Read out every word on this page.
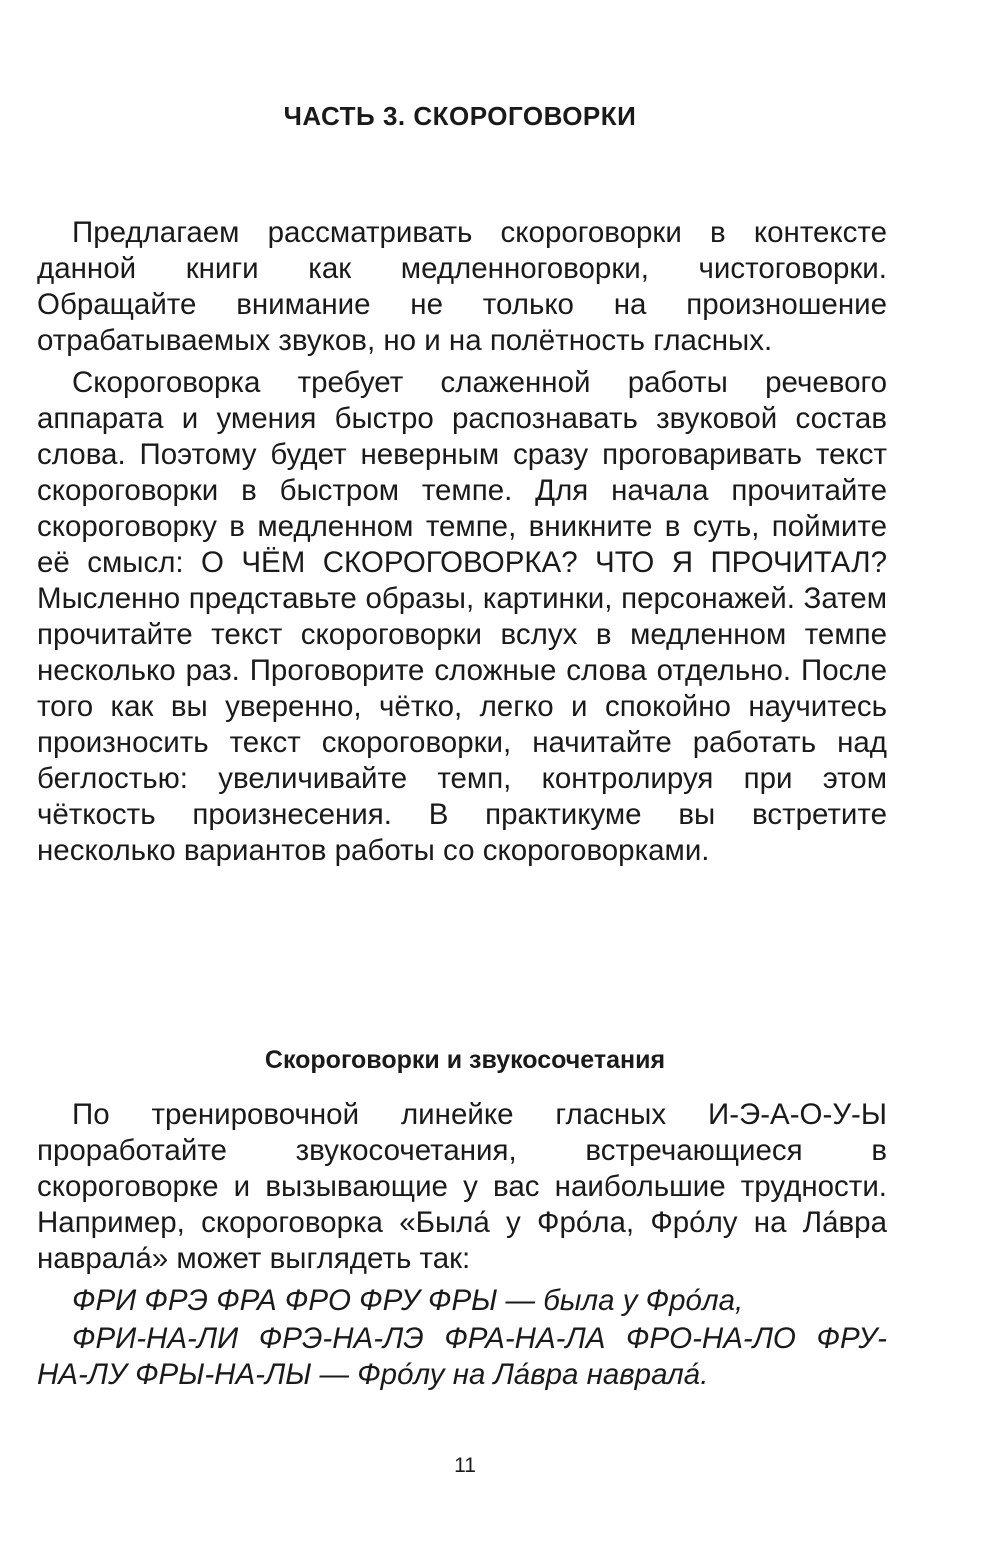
ЧАСТЬ 3. СКОРОГОВОРКИ

Предлагаем рассматривать скороговорки в контексте данной книги как медленноговорки, чистоговорки. Обращайте внимание не только на произношение отрабатываемых звуков, но и на полётность гласных.

Скороговорка требует слаженной работы речевого аппарата и умения быстро распознавать звуковой состав слова. Поэтому будет неверным сразу проговаривать текст скороговорки в быстром темпе. Для начала прочитайте скороговорку в медленном темпе, вникните в суть, поймите её смысл: О ЧЁМ СКОРОГОВОРКА? ЧТО Я ПРОЧИТАЛ? Мысленно представьте образы, картинки, персонажей. Затем прочитайте текст скороговорки вслух в медленном темпе несколько раз. Проговорите сложные слова отдельно. После того как вы уверенно, чётко, легко и спокойно научитесь произносить текст скороговорки, начитайте работать над беглостью: увеличивайте темп, контролируя при этом чёткость произнесения. В практикуме вы встретите несколько вариантов работы со скороговорками.

Скороговорки и звукосочетания

По тренировочной линейке гласных И-Э-А-О-У-Ы проработайте звукосочетания, встречающиеся в скороговорке и вызывающие у вас наибольшие трудности. Например, скороговорка «Была́ у Фро́ла, Фро́лу на Ла́вра наврала́» может выглядеть так:

ФРИ ФРЭ ФРА ФРО ФРУ ФРЫ — была у Фро́ла,

ФРИ-НА-ЛИ ФРЭ-НА-ЛЭ ФРА-НА-ЛА ФРО-НА-ЛО ФРУ-НА-ЛУ ФРЫ-НА-ЛЫ — Фро́лу на Ла́вра наврала́.

11
